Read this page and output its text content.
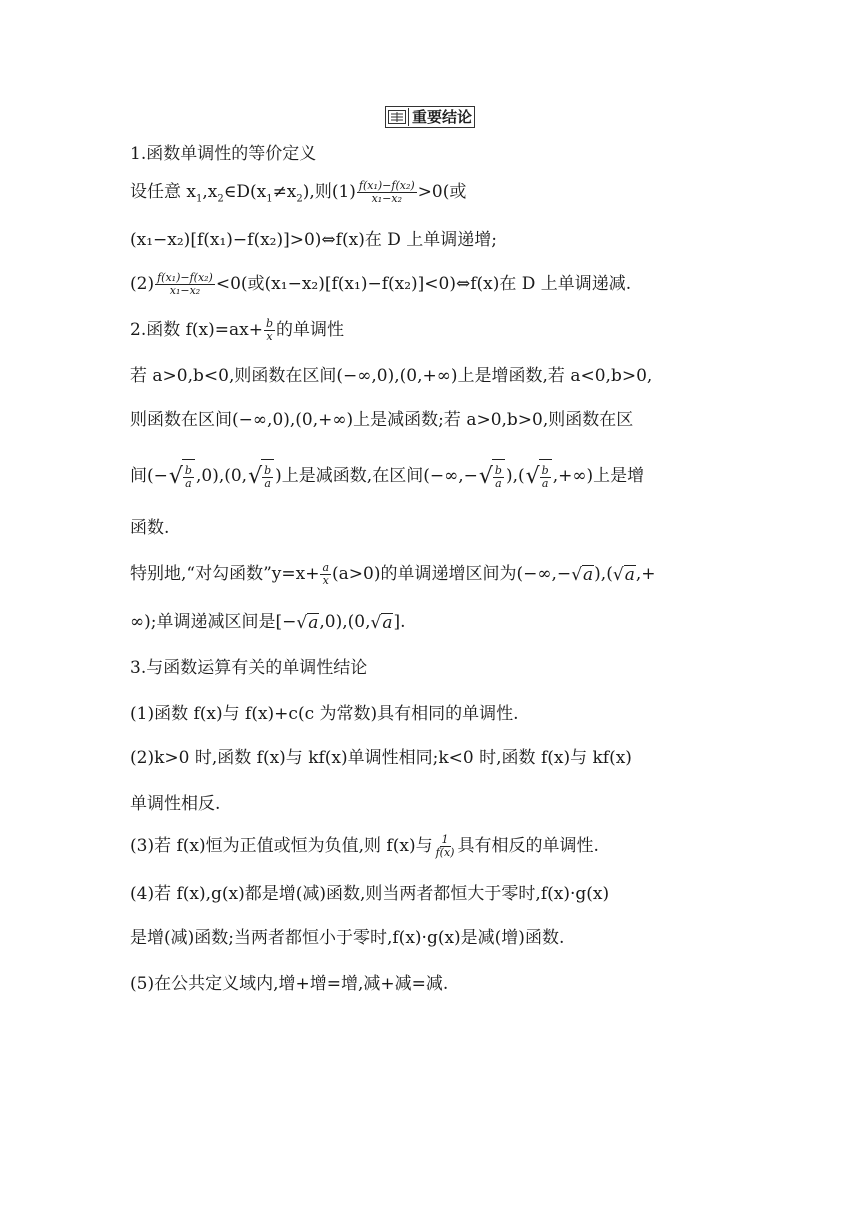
重要结论
1.函数单调性的等价定义
设任意 $x_1,x_2\in D(x_1\ne x_2)$,则$(1) \frac{\text{f(x₁)−f(x₂)}}{\text{x₁−x₂}} >0$(或
(x₁−x₂)[f(x₁)−f(x₂)]>0)⇔f(x)在 D 上单调递增;
$(2) \frac{\text{f(x₁)−f(x₂)}}{\text{x₁−x₂}} <0$(或(x₁−x₂)[f(x₁)−f(x₂)]<0)⇔f(x)在 D 上单调递减.
2.函数 $f(x)=ax+ \frac{b}{x}$ 的单调性
若 a>0,b<0,则函数在区间(−∞,0),(0,+∞)上是增函数,若 a<0,b>0,
则函数在区间(−∞,0),(0,+∞)上是减函数;若 a>0,b>0,则函数在区
间(− √ $\frac{b}{a} ,0),(0$, √ $\frac{b}{a}$ )上是减函数,在区间(−∞,− √ $\frac{b}{a}$ ),( √ $\frac{b}{a}$ ,+∞)上是增
函数.
特别地,“对勾函数”y=x+ $\frac{a}{x} (a>0)$的单调递增区间为(−∞,− √ a ),( √ a ,+
∞);单调递减区间是[− √ a ,0),(0, √ a ].
3.与函数运算有关的单调性结论
(1)函数 f(x)与 f(x)+c(c 为常数)具有相同的单调性.
(2)k>0 时,函数 f(x)与 kf(x)单调性相同;k<0 时,函数 f(x)与 kf(x)
单调性相反.
(3)若 f(x)恒为正值或恒为负值,则 f(x)与 $\frac{1}{f(x)}$ 具有相反的单调性.
(4)若 f(x),g(x)都是增(减)函数,则当两者都恒大于零时,f(x)·g(x)
是增(减)函数;当两者都恒小于零时,f(x)·g(x)是减(增)函数.
(5)在公共定义域内,增+增=增,减+减=减.
